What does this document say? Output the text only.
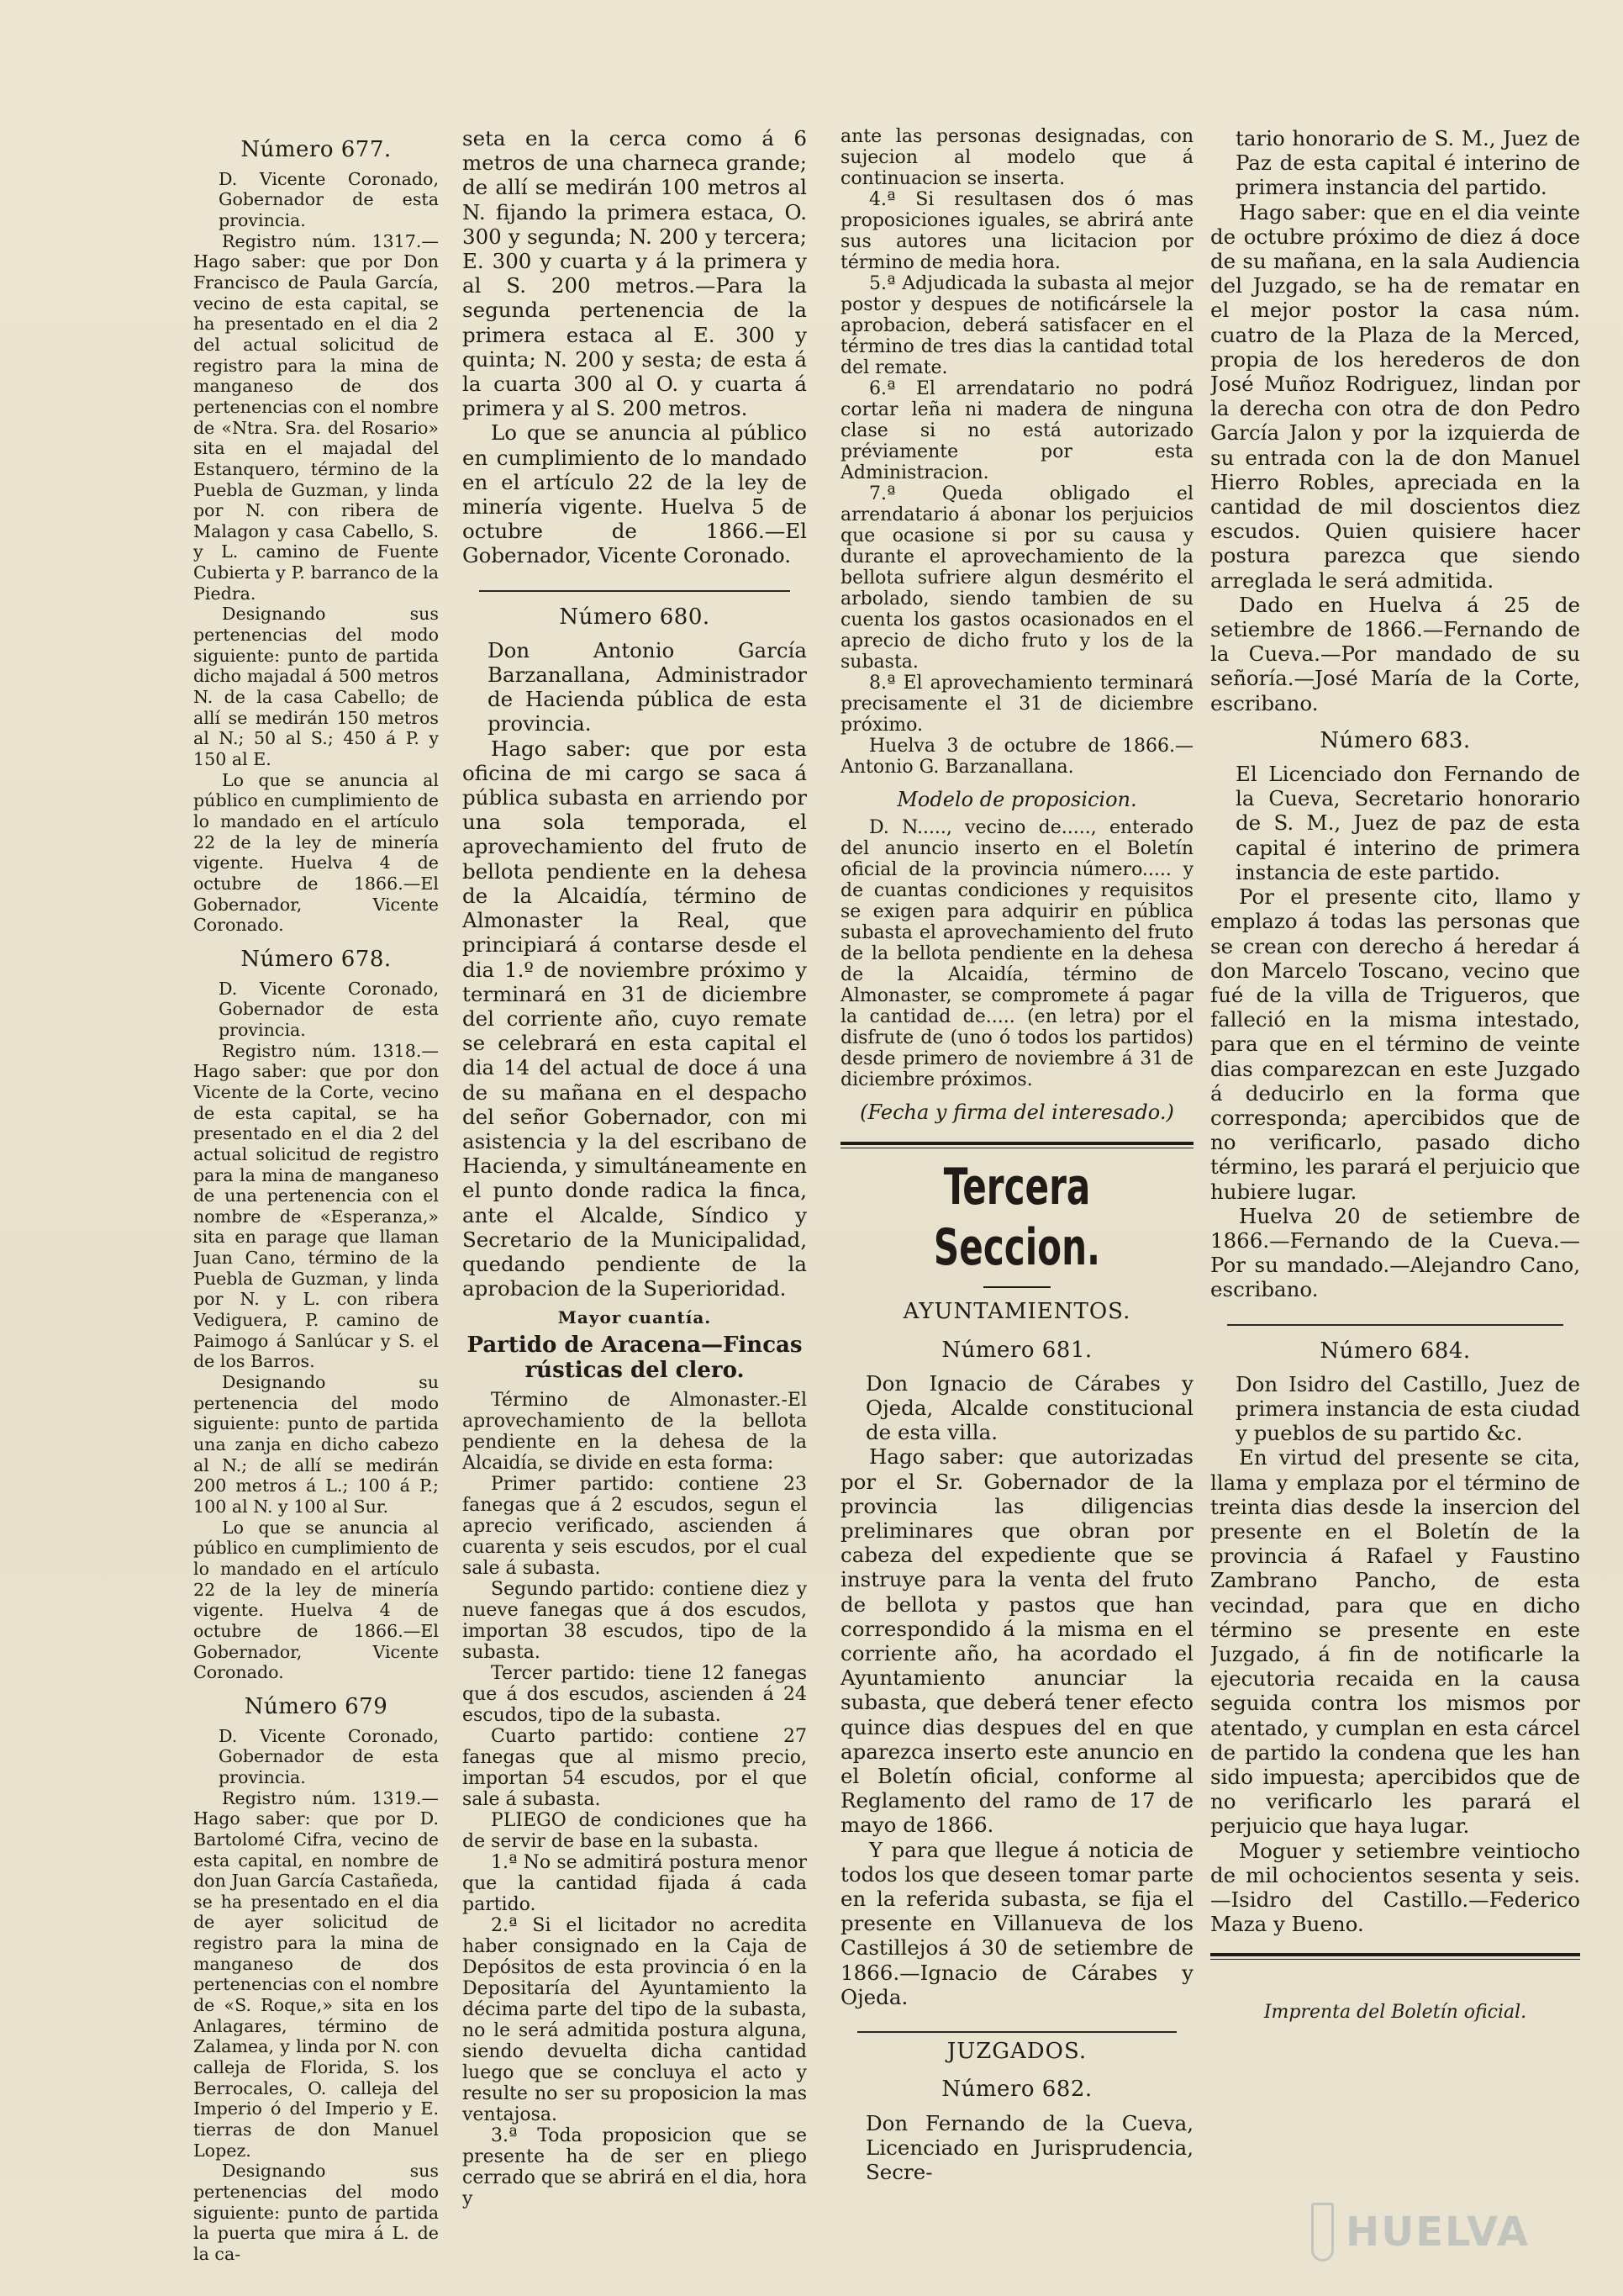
Número 677.

D. Vicente Coronado, Gobernador de esta provincia.

Registro núm. 1317.—Hago saber: que por Don Francisco de Paula García, vecino de esta capital, se ha presentado en el dia 2 del actual solicitud de registro para la mina de manganeso de dos pertenencias con el nombre de «Ntra. Sra. del Rosario» sita en el majadal del Estanquero, término de la Puebla de Guzman, y linda por N. con ribera de Malagon y casa Cabello, S. y L. camino de Fuente Cubierta y P. barranco de la Piedra.

Designando sus pertenencias del modo siguiente: punto de partida dicho majadal á 500 metros N. de la casa Cabello; de allí se medirán 150 metros al N.; 50 al S.; 450 á P. y 150 al E.

Lo que se anuncia al público en cumplimiento de lo mandado en el artículo 22 de la ley de minería vigente. Huelva 4 de octubre de 1866.—El Gobernador, Vicente Coronado.

Número 678.

D. Vicente Coronado, Gobernador de esta provincia.

Registro núm. 1318.—Hago saber: que por don Vicente de la Corte, vecino de esta capital, se ha presentado en el dia 2 del actual solicitud de registro para la mina de manganeso de una pertenencia con el nombre de «Esperanza,» sita en parage que llaman Juan Cano, término de la Puebla de Guzman, y linda por N. y L. con ribera Vediguera, P. camino de Paimogo á Sanlúcar y S. el de los Barros.

Designando su pertenencia del modo siguiente: punto de partida una zanja en dicho cabezo al N.; de allí se medirán 200 metros á L.; 100 á P.; 100 al N. y 100 al Sur.

Lo que se anuncia al público en cumplimiento de lo mandado en el artículo 22 de la ley de minería vigente. Huelva 4 de octubre de 1866.—El Gobernador, Vicente Coronado.

Número 679

D. Vicente Coronado, Gobernador de esta provincia.

Registro núm. 1319.—Hago saber: que por D. Bartolomé Cifra, vecino de esta capital, en nombre de don Juan García Castañeda, se ha presentado en el dia de ayer solicitud de registro para la mina de manganeso de dos pertenencias con el nombre de «S. Roque,» sita en los Anlagares, término de Zalamea, y linda por N. con calleja de Florida, S. los Berrocales, O. calleja del Imperio ó del Imperio y E. tierras de don Manuel Lopez.

Designando sus pertenencias del modo siguiente: punto de partida la puerta que mira á L. de la ca-

seta en la cerca como á 6 metros de una charneca grande; de allí se medirán 100 metros al N. fijando la primera estaca, O. 300 y segunda; N. 200 y tercera; E. 300 y cuarta y á la primera y al S. 200 metros.—Para la segunda pertenencia de la primera estaca al E. 300 y quinta; N. 200 y sesta; de esta á la cuarta 300 al O. y cuarta á primera y al S. 200 metros.

Lo que se anuncia al público en cumplimiento de lo mandado en el artículo 22 de la ley de minería vigente. Huelva 5 de octubre de 1866.—El Gobernador, Vicente Coronado.

Número 680.

Don Antonio García Barzanallana, Administrador de Hacienda pública de esta provincia.

Hago saber: que por esta oficina de mi cargo se saca á pública subasta en arriendo por una sola temporada, el aprovechamiento del fruto de bellota pendiente en la dehesa de la Alcaidía, término de Almonaster la Real, que principiará á contarse desde el dia 1.º de noviembre próximo y terminará en 31 de diciembre del corriente año, cuyo remate se celebrará en esta capital el dia 14 del actual de doce á una de su mañana en el despacho del señor Gobernador, con mi asistencia y la del escribano de Hacienda, y simultáneamente en el punto donde radica la finca, ante el Alcalde, Síndico y Secretario de la Municipalidad, quedando pendiente de la aprobacion de la Superioridad.

Mayor cuantía.
Partido de Aracena—Fincas rústicas del clero.

Término de Almonaster.-El aprovechamiento de la bellota pendiente en la dehesa de la Alcaidía, se divide en esta forma:

Primer partido: contiene 23 fanegas que á 2 escudos, segun el aprecio verificado, ascienden á cuarenta y seis escudos, por el cual sale á subasta.

Segundo partido: contiene diez y nueve fanegas que á dos escudos, importan 38 escudos, tipo de la subasta.

Tercer partido: tiene 12 fanegas que á dos escudos, ascienden á 24 escudos, tipo de la subasta.

Cuarto partido: contiene 27 fanegas que al mismo precio, importan 54 escudos, por el que sale á subasta.

PLIEGO de condiciones que ha de servir de base en la subasta.

1.ª No se admitirá postura menor que la cantidad fijada á cada partido.

2.ª Si el licitador no acredita haber consignado en la Caja de Depósitos de esta provincia ó en la Depositaría del Ayuntamiento la décima parte del tipo de la subasta, no le será admitida postura alguna, siendo devuelta dicha cantidad luego que se concluya el acto y resulte no ser su proposicion la mas ventajosa.

3.ª Toda proposicion que se presente ha de ser en pliego cerrado que se abrirá en el dia, hora y

ante las personas designadas, con sujecion al modelo que á continuacion se inserta.

4.ª Si resultasen dos ó mas proposiciones iguales, se abrirá ante sus autores una licitacion por término de media hora.

5.ª Adjudicada la subasta al mejor postor y despues de notificársele la aprobacion, deberá satisfacer en el término de tres dias la cantidad total del remate.

6.ª El arrendatario no podrá cortar leña ni madera de ninguna clase si no está autorizado préviamente por esta Administracion.

7.ª Queda obligado el arrendatario á abonar los perjuicios que ocasione si por su causa y durante el aprovechamiento de la bellota sufriere algun desmérito el arbolado, siendo tambien de su cuenta los gastos ocasionados en el aprecio de dicho fruto y los de la subasta.

8.ª El aprovechamiento terminará precisamente el 31 de diciembre próximo.

Huelva 3 de octubre de 1866.—Antonio G. Barzanallana.

Modelo de proposicion.

D. N....., vecino de....., enterado del anuncio inserto en el Boletín oficial de la provincia número..... y de cuantas condiciones y requisitos se exigen para adquirir en pública subasta el aprovechamiento del fruto de la bellota pendiente en la dehesa de la Alcaidía, término de Almonaster, se compromete á pagar la cantidad de..... (en letra) por el disfrute de (uno ó todos los partidos) desde primero de noviembre á 31 de diciembre próximos.

(Fecha y firma del interesado.)
Tercera Seccion.
AYUNTAMIENTOS.
Número 681.

Don Ignacio de Cárabes y Ojeda, Alcalde constitucional de esta villa.

Hago saber: que autorizadas por el Sr. Gobernador de la provincia las diligencias preliminares que obran por cabeza del expediente que se instruye para la venta del fruto de bellota y pastos que han correspondido á la misma en el corriente año, ha acordado el Ayuntamiento anunciar la subasta, que deberá tener efecto quince dias despues del en que aparezca inserto este anuncio en el Boletín oficial, conforme al Reglamento del ramo de 17 de mayo de 1866.

Y para que llegue á noticia de todos los que deseen tomar parte en la referida subasta, se fija el presente en Villanueva de los Castillejos á 30 de setiembre de 1866.—Ignacio de Cárabes y Ojeda.

JUZGADOS.
Número 682.

Don Fernando de la Cueva, Licenciado en Jurisprudencia, Secre-

tario honorario de S. M., Juez de Paz de esta capital é interino de primera instancia del partido.

Hago saber: que en el dia veinte de octubre próximo de diez á doce de su mañana, en la sala Audiencia del Juzgado, se ha de rematar en el mejor postor la casa núm. cuatro de la Plaza de la Merced, propia de los herederos de don José Muñoz Rodriguez, lindan por la derecha con otra de don Pedro García Jalon y por la izquierda de su entrada con la de don Manuel Hierro Robles, apreciada en la cantidad de mil doscientos diez escudos. Quien quisiere hacer postura parezca que siendo arreglada le será admitida.

Dado en Huelva á 25 de setiembre de 1866.—Fernando de la Cueva.—Por mandado de su señoría.—José María de la Corte, escribano.

Número 683.

El Licenciado don Fernando de la Cueva, Secretario honorario de S. M., Juez de paz de esta capital é interino de primera instancia de este partido.

Por el presente cito, llamo y emplazo á todas las personas que se crean con derecho á heredar á don Marcelo Toscano, vecino que fué de la villa de Trigueros, que falleció en la misma intestado, para que en el término de veinte dias comparezcan en este Juzgado á deducirlo en la forma que corresponda; apercibidos que de no verificarlo, pasado dicho término, les parará el perjuicio que hubiere lugar.

Huelva 20 de setiembre de 1866.—Fernando de la Cueva.—Por su mandado.—Alejandro Cano, escribano.

Número 684.

Don Isidro del Castillo, Juez de primera instancia de esta ciudad y pueblos de su partido &c.

En virtud del presente se cita, llama y emplaza por el término de treinta dias desde la insercion del presente en el Boletín de la provincia á Rafael y Faustino Zambrano Pancho, de esta vecindad, para que en dicho término se presente en este Juzgado, á fin de notificarle la ejecutoria recaida en la causa seguida contra los mismos por atentado, y cumplan en esta cárcel de partido la condena que les han sido impuesta; apercibidos que de no verificarlo les parará el perjuicio que haya lugar.

Moguer y setiembre veintiocho de mil ochocientos sesenta y seis.—Isidro del Castillo.—Federico Maza y Bueno.

Imprenta del Boletín oficial.
HUELVA
